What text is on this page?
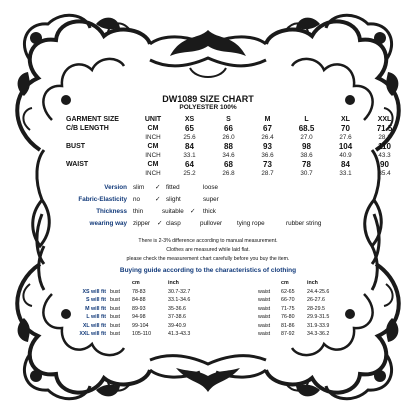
DW1089 SIZE CHART
POLYESTER 100%
GARMENT SIZE	UNIT	XS	S	M	L	XL	XXL
C/B LENGTH	CM	65	66	67	68.5	70	71.5
	INCH	25.6	26.0	26.4	27.0	27.6	28.1
BUST	CM	84	88	93	98	104	110
	INCH	33.1	34.6	36.6	38.6	40.9	43.3
WAIST	CM	64	68	73	78	84	90
	INCH	25.2	26.8	28.7	30.7	33.1	35.4
Version slim ✓ fitted	loose
Fabric-Elasticity no ✓ slight	super
Thickness thin	suitable ✓ thick
wearing way zipper ✓ clasp	pullover tying rope	rubber string
There is 2-3% difference according to manual measurement.
Clothes are measured while laid flat.
please check the measurement chart carefully before you buy the item.
Buying guide according to the characteristics of clothing
		cm	inch
XS will fit	bust	78-83	30.7-32.7
S will fit	bust	84-88	33.1-34.6
M will fit	bust	89-93	35-36.6
L will fit	bust	94-98	37-38.6
XL will fit	bust	99-104	39-40.9
XXL will fit	bust	105-110	41.3-43.3
	cm	inch
waist	62-65	24.4-25.6
waist	66-70	26-27.6
waist	71-75	28-29.5
waist	76-80	29.9-31.5
waist	81-86	31.9-33.9
waist	87-92	34.3-36.2
